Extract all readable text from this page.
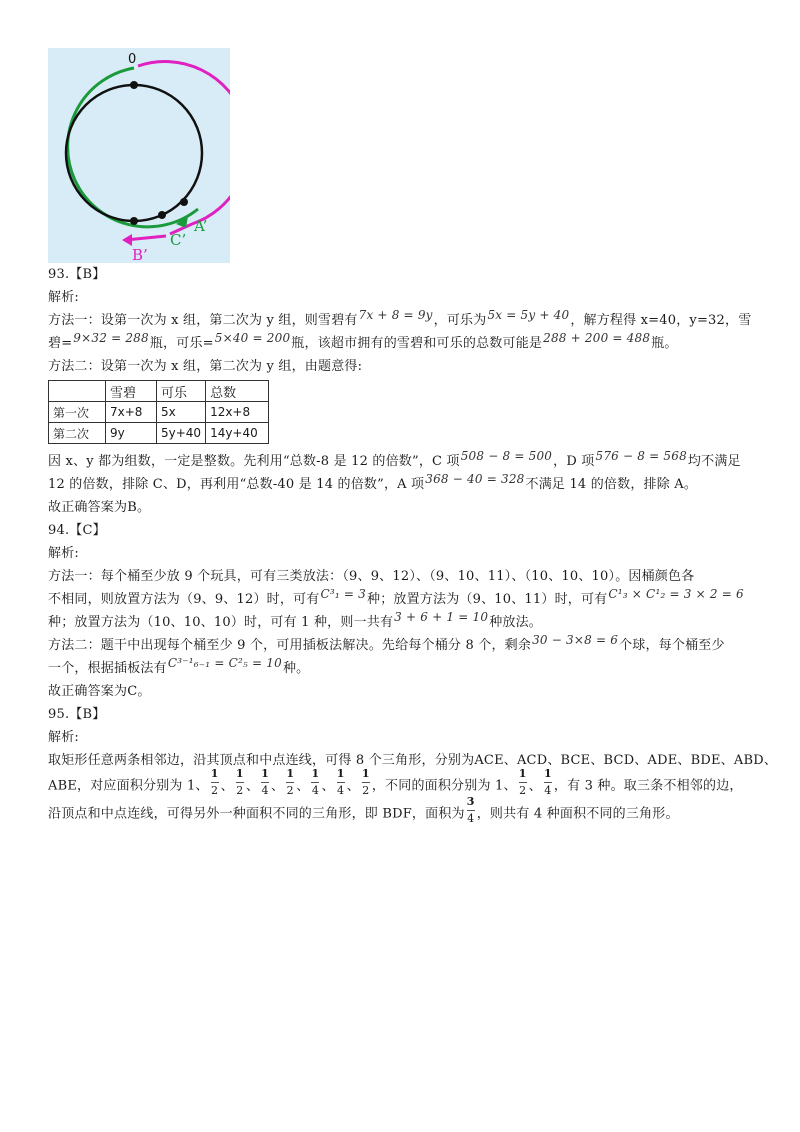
0
A’
C’
B’

93.【B】

解析:

方法一：设第一次为 x 组，第二次为 y 组，则雪碧有7x + 8 = 9y，可乐为5x = 5y + 40，解方程得 x=40，y=32，雪

碧=9×32 = 288瓶，可乐=5×40 = 200瓶，该超市拥有的雪碧和可乐的总数可能是288 + 200 = 488瓶。

方法二：设第一次为 x 组，第二次为 y 组，由题意得:

	雪碧	可乐	总数
第一次	7x+8	5x	12x+8
第二次	9y	5y+40	14y+40

因 x、y 都为组数，一定是整数。先利用“总数-8 是 12 的倍数”，C 项508 − 8 = 500，D 项576 − 8 = 568均不满足

12 的倍数，排除 C、D，再利用“总数-40 是 14 的倍数”，A 项368 − 40 = 328不满足 14 的倍数，排除 A。

故正确答案为B。

94.【C】

解析:

方法一：每个桶至少放 9 个玩具，可有三类放法：（9、9、12）、（9、10、11）、（10、10、10）。因桶颜色各

不相同，则放置方法为（9、9、12）时，可有C³₁ = 3种；放置方法为（9、10、11）时，可有C¹₃ × C¹₂ = 3 × 2 = 6

种；放置方法为（10、10、10）时，可有 1 种，则一共有3 + 6 + 1 = 10种放法。

方法二：题干中出现每个桶至少 9 个，可用插板法解决。先给每个桶分 8 个，剩余30 − 3×8 = 6个球，每个桶至少

一个，根据插板法有C³⁻¹₆₋₁ = C²₅ = 10种。

故正确答案为C。

95.【B】

解析:

取矩形任意两条相邻边，沿其顶点和中点连线，可得 8 个三角形，分别为ACE、ACD、BCE、BCD、ADE、BDE、ABD、

ABE，对应面积分别为 1、 $\frac{1}{2}$ 、 $\frac{1}{2}$ 、 $\frac{1}{4}$ 、 $\frac{1}{2}$ 、 $\frac{1}{4}$ 、 $\frac{1}{4}$ 、 $\frac{1}{2}$ ，不同的面积分别为 1、 $\frac{1}{2}$ 、 $\frac{1}{4}$ ，有 3 种。取三条不相邻的边，

沿顶点和中点连线，可得另外一种面积不同的三角形，即 BDF，面积为 $\frac{3}{4}$ ，则共有 4 种面积不同的三角形。
